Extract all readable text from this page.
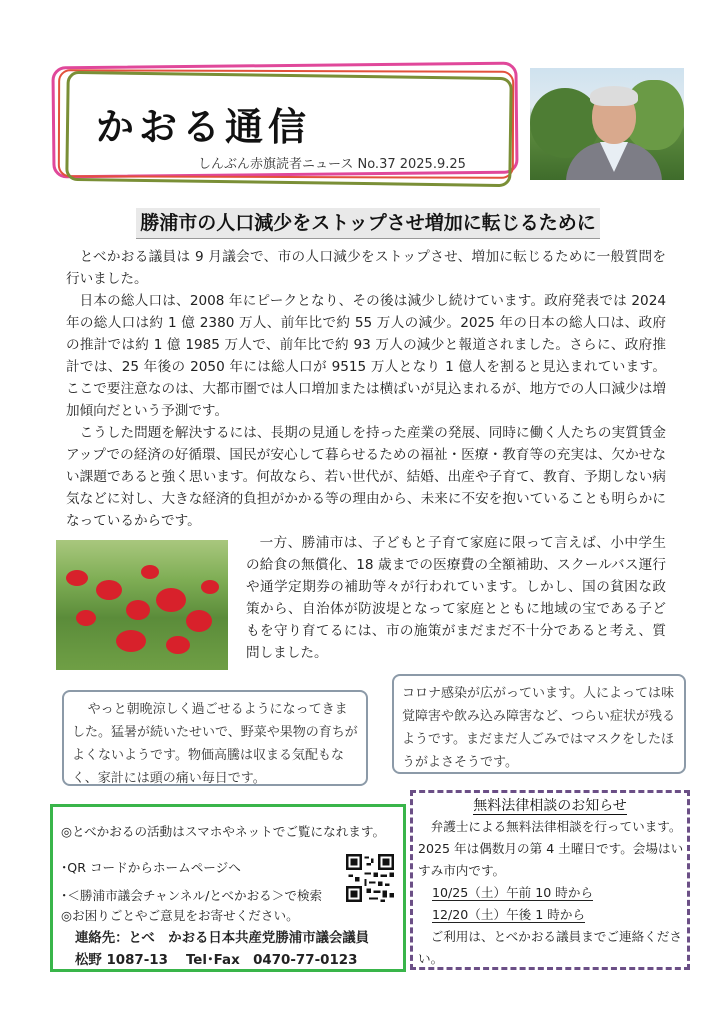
かおる通信
しんぶん赤旗読者ニュース No.37 2025.9.25
勝浦市の人口減少をストップさせ増加に転じるために

とべかおる議員は 9 月議会で、市の人口減少をストップさせ、増加に転じるために一般質問を行いました。

日本の総人口は、2008 年にピークとなり、その後は減少し続けています。政府発表では 2024 年の総人口は約 1 億 2380 万人、前年比で約 55 万人の減少。2025 年の日本の総人口は、政府の推計では約 1 億 1985 万人で、前年比で約 93 万人の減少と報道されました。さらに、政府推計では、25 年後の 2050 年には総人口が 9515 万人となり 1 億人を割ると見込まれています。ここで要注意なのは、大都市圏では人口増加または横ばいが見込まれるが、地方での人口減少は増加傾向だという予測です。

こうした問題を解決するには、長期の見通しを持った産業の発展、同時に働く人たちの実質賃金アップでの経済の好循環、国民が安心して暮らせるための福祉・医療・教育等の充実は、欠かせない課題であると強く思います。何故なら、若い世代が、結婚、出産や子育て、教育、予期しない病気などに対し、大きな経済的負担がかかる等の理由から、未来に不安を抱いていることも明らかになっているからです。

一方、勝浦市は、子どもと子育て家庭に限って言えば、小中学生の給食の無償化、18 歳までの医療費の全額補助、スクールバス運行や通学定期券の補助等々が行われています。しかし、国の貧困な政策から、自治体が防波堤となって家庭とともに地域の宝である子どもを守り育てるには、市の施策がまだまだ不十分であると考え、質問しました。

やっと朝晩涼しく過ごせるようになってきました。猛暑が続いたせいで、野菜や果物の育ちがよくないようです。物価高騰は収まる気配もなく、家計には頭の痛い毎日です。

コロナ感染が広がっています。人によっては味覚障害や飲み込み障害など、つらい症状が残るようです。まだまだ人ごみではマスクをしたほうがよさそうです。

◎とべかおるの活動はスマホやネットでご覧になれます。
･QR コードからホームページへ
･＜勝浦市議会チャンネル/とべかおる＞で検索
◎お困りごとやご意見をお寄せください。
連絡先：とべ　かおる日本共産党勝浦市議会議員
松野 1087-13　 Tel･Fax　0470-77-0123
無料法律相談のお知らせ

弁護士による無料法律相談を行っています。2025 年は偶数月の第 4 土曜日です。会場はいすみ市内です。

10/25（土）午前 10 時から
12/20（土）午後 1 時から

ご利用は、とべかおる議員までご連絡ください。
